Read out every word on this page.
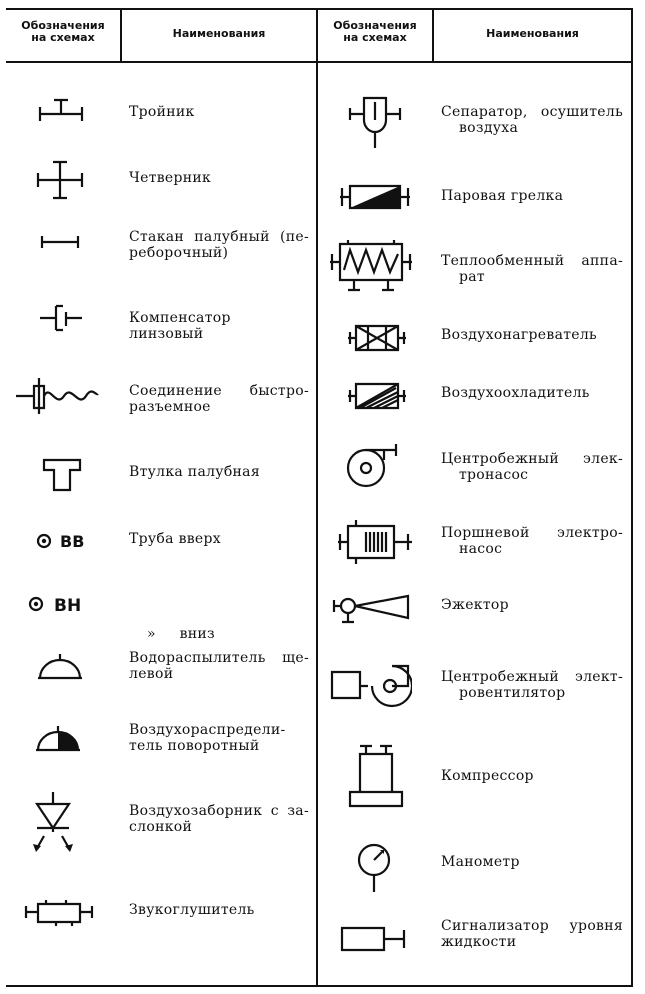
Обозначения
на схемах	Наименования
Обозначения
на схемах	Наименования
ВВ
ВН
Тройник
Четверник
Стакан палубный (пе-
реборочный)
Компенсатор линзовый
Соединение быстро-
разъемное
Втулка палубная
Труба вверх

»     вниз

Водораспылитель ще-
левой
Воздухораспредели-
тель поворотный
Воздухозаборник с за-
слонкой
Звукоглушитель
Сепаратор, осушитель
воздуха
Паровая грелка
Теплообменный аппа-
рат
Воздухонагреватель
Воздухоохладитель
Центробежный элек-
тронасос
Поршневой электро-
насос
Эжектор
Центробежный элект-
ровентилятор
Компрессор
Манометр
Сигнализатор уровня
жидкости
